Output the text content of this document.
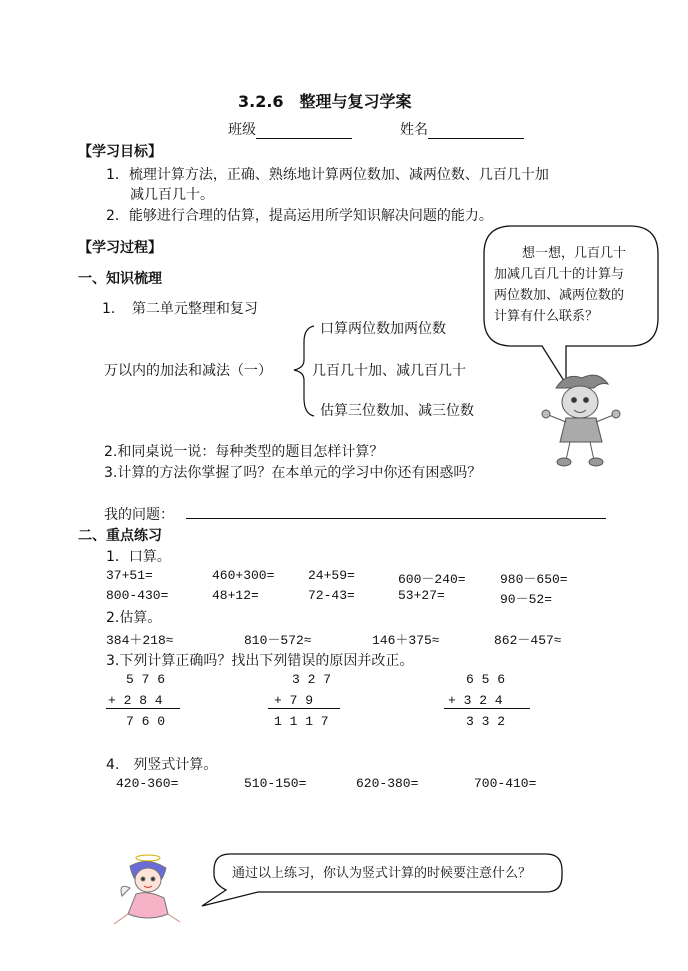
3.2.6　整理与复习学案
班级	姓名
【学习目标】
1．梳理计算方法，正确、熟练地计算两位数加、减两位数、几百几十加
减几百几十。
2．能够进行合理的估算，提高运用所学知识解决问题的能力。
【学习过程】
一、知识梳理
1．　第二单元整理和复习
万以内的加法和减法（一）
口算两位数加两位数
几百几十加、减几百几十
估算三位数加、减三位数
想一想，几百几十
加减几百几十的计算与
两位数加、减两位数的
计算有什么联系？
2.和同桌说一说：每种类型的题目怎样计算？
3.计算的方法你掌握了吗？在本单元的学习中你还有困惑吗？
我的问题：
二、重点练习
1．口算。
37+51=	460+300=	24+59=	600－240=	980－650=
800-430=	48+12=	72-43=	53+27=	90－52=
2.估算。
384＋218≈	810－572≈	146＋375≈	862－457≈
3.下列计算正确吗？找出下列错误的原因并改正。
5 7 6
+ 2 8 4
7 6 0
3 2 7
+ 7 9
1 1 1 7
6 5 6
+ 3 2 4
3 3 2
4.　列竖式计算。
420-360=	510-150=	620-380=	700-410=
通过以上练习，你认为竖式计算的时候要注意什么？
